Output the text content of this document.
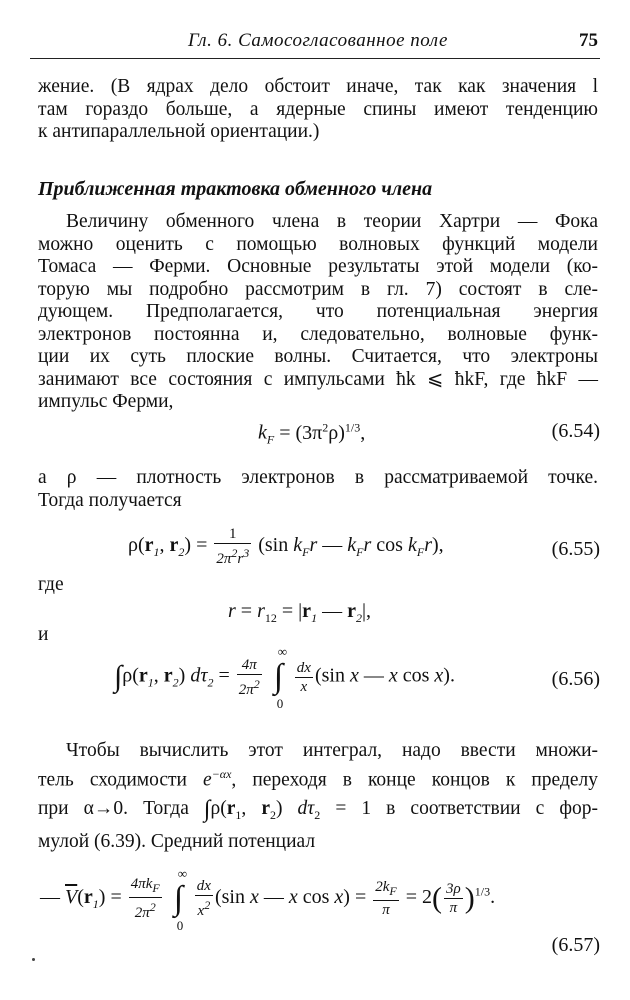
Гл. 6. Самосогласованное поле	75
жение. (В ядрах дело обстоит иначе, так как значения l
там гораздо больше, а ядерные спины имеют тенденцию
к антипараллельной ориентации.)
Приближенная трактовка обменного члена
Величину обменного члена в теории Хартри — Фока
можно оценить с помощью волновых функций модели
Томаса — Ферми. Основные результаты этой модели (ко-
торую мы подробно рассмотрим в гл. 7) состоят в сле-
дующем. Предполагается, что потенциальная энергия
электронов постоянна и, следовательно, волновые функ-
ции их суть плоские волны. Считается, что электроны
занимают все состояния с импульсами ħk ⩽ ħkF, где ħkF —
импульс Ферми,
$k_F = (3\pi^2\rho)^{1/3}$,	(6.54)
а ρ — плотность электронов в рассматриваемой точке.
Тогда получается
$\rho(r_1$, $r_2) = \frac{1}{2\pi^2r^3} (\sin$ $k_Fr$ — $k_Fr$ $\cos k_Fr$),	(6.55)
где
$r = r_{12} = |r_1$ — $r_2|$,
и
$\int\rho(r_1$, $r_2$) $d\tau_2 = \frac{4\pi}{2\pi^2}$
∫
∞
0
$\frac{dx}{x} (\sin$ x — x cos x).	(6.56)
Чтобы вычислить этот интеграл, надо ввести множи-
тель сходимости $e^{-\alpha x}$, переходя в конце концов к пределу
при α→0. Тогда $\int\rho(r_1$, $r_2$) $d\tau_2 = 1$ в соответствии с фор-
мулой (6.39). Средний потенциал
— $\overline{V}(r_1) = \frac{4\pi k_F}{2\pi^2}$
∫
∞
0
$\frac{dx}{x^2} (\sin$ x — x $\cos x) = \frac{2k_F}{\pi} = 2( \frac{3\rho}{\pi} )^{1/3}$.
(6.57)
